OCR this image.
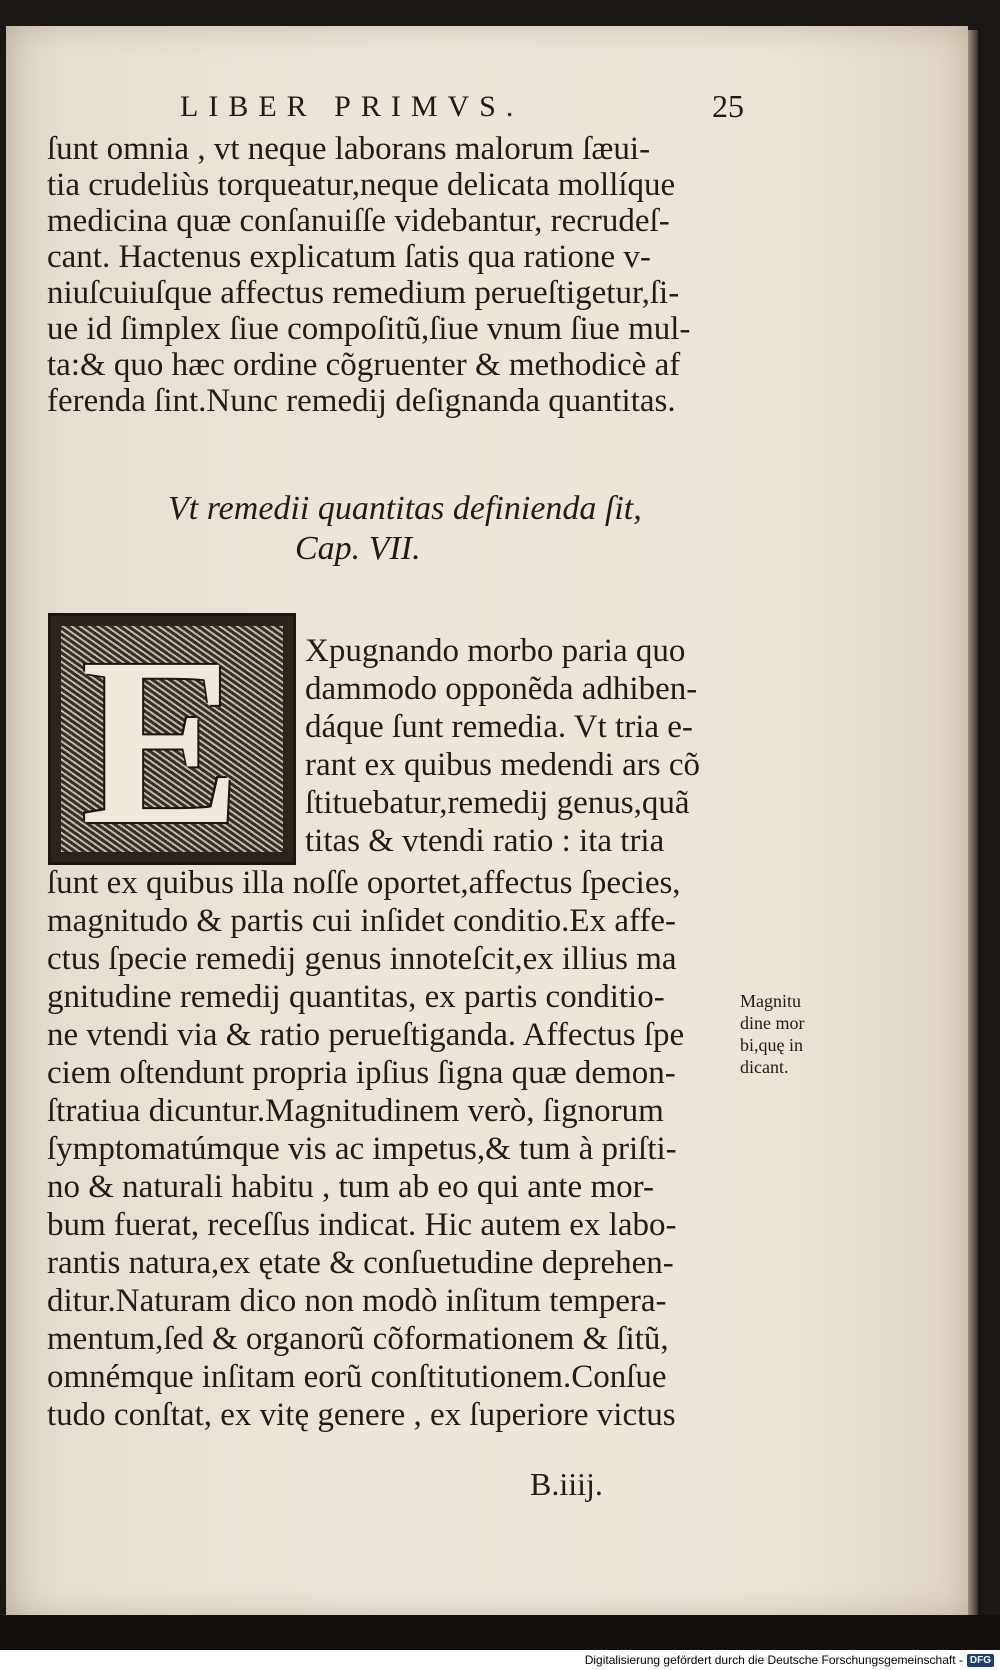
LIBER PRIMVS.	25
ſunt omnia , vt neque laborans malorum ſæui-
tia crudeliùs torqueatur,neque delicata mollíque
medicina quæ conſanuiſſe videbantur, recrudeſ-
cant. Hactenus explicatum ſatis qua ratione v-
niuſcuiuſque affectus remedium perueſtigetur,ſi-
ue id ſimplex ſiue compoſitũ,ſiue vnum ſiue mul-
ta:& quo hæc ordine cõgruenter & methodicè af
ferenda ſint.Nunc remedij deſignanda quantitas.
Vt remedii quantitas definienda ſit,
Cap. VII.
E Xpugnando morbo paria quo
dammodo opponẽda adhiben-
dáque ſunt remedia. Vt tria e-
rant ex quibus medendi ars cõ
ſtituebatur,remedij genus,quã
titas & vtendi ratio : ita tria
ſunt ex quibus illa noſſe oportet,affectus ſpecies,
magnitudo & partis cui inſidet conditio.Ex affe-
ctus ſpecie remedij genus innoteſcit,ex illius ma
gnitudine remedij quantitas, ex partis conditio-
ne vtendi via & ratio perueſtiganda. Affectus ſpe
ciem oſtendunt propria ipſius ſigna quæ demon-
ſtratiua dicuntur.Magnitudinem verò, ſignorum
ſymptomatúmque vis ac impetus,& tum à priſti-
no & naturali habitu , tum ab eo qui ante mor-
bum fuerat, receſſus indicat. Hic autem ex labo-
rantis natura,ex ętate & conſuetudine deprehen-
ditur.Naturam dico non modò inſitum tempera-
mentum,ſed & organorũ cõformationem & ſitũ,
omnémque inſitam eorũ conſtitutionem.Conſue
tudo conſtat, ex vitę genere , ex ſuperiore victus
Magnitu
dine mor
bi,quę in
dicant.
B.iiij.
Digitalisierung gefördert durch die Deutsche Forschungsgemeinschaft - DFG
